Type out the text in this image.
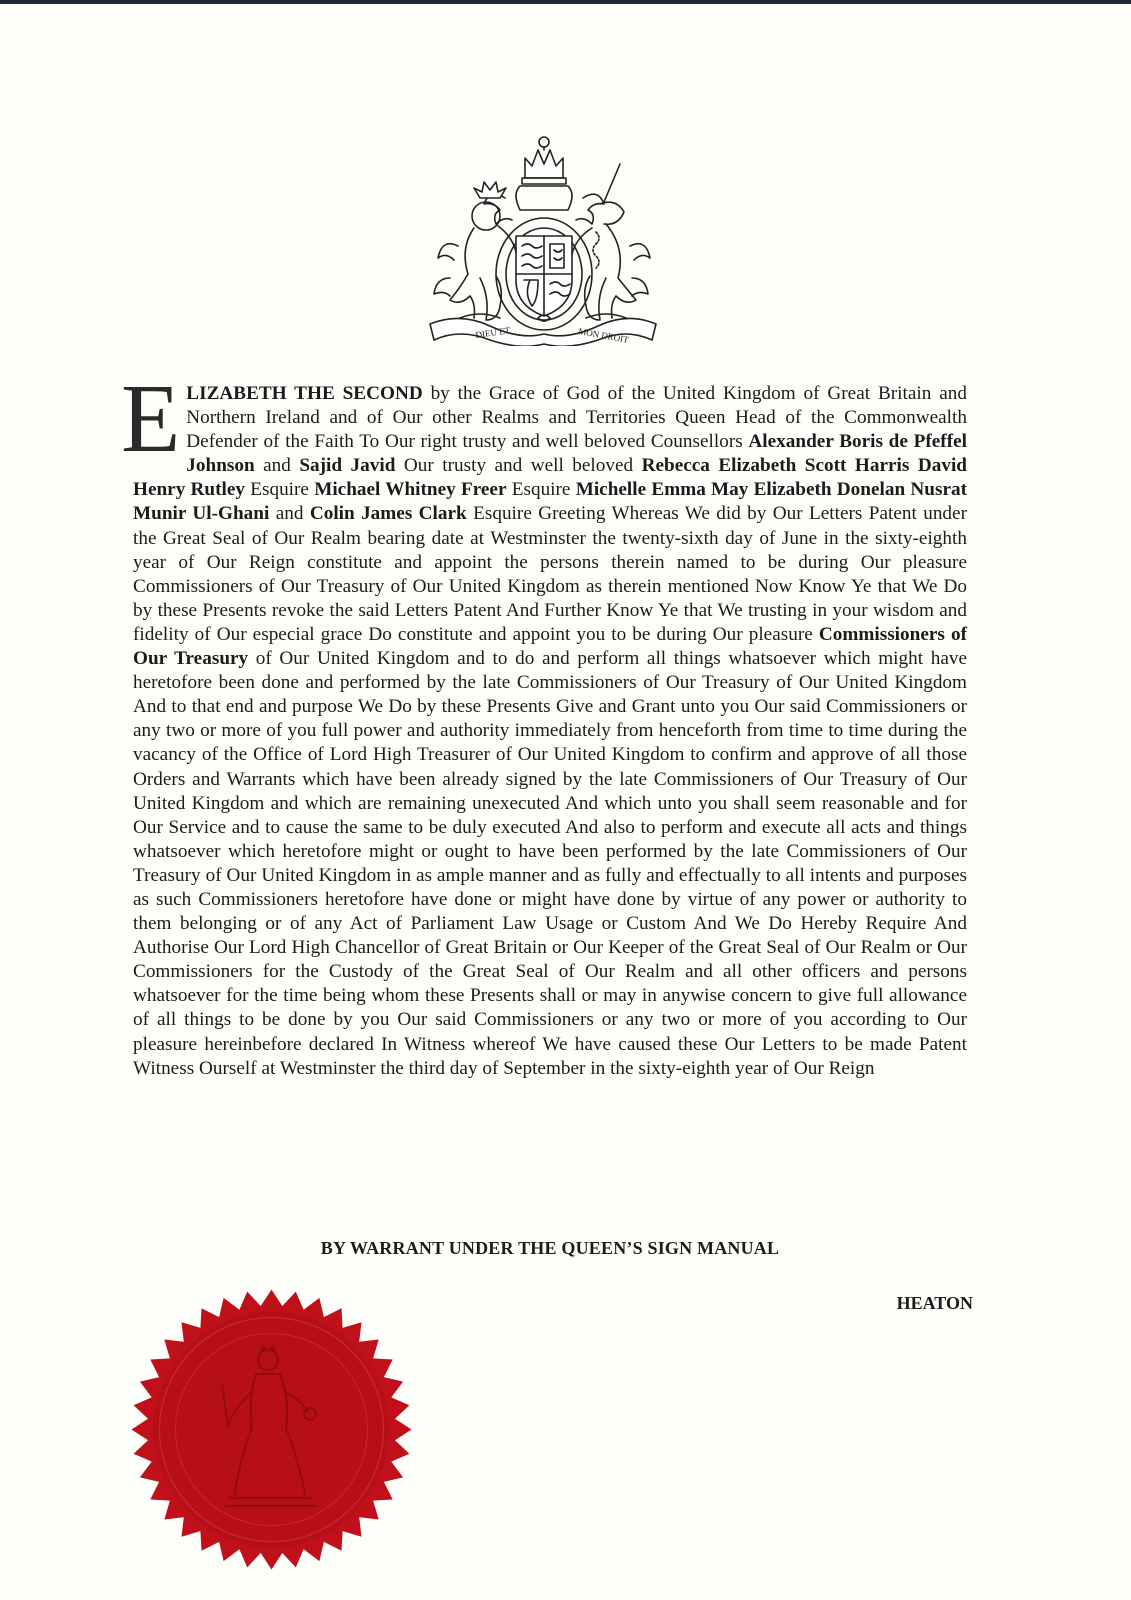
DIEU ET	MON DROIT
E LIZABETH THE SECOND by the Grace of God of the United Kingdom of Great Britain and Northern Ireland and of Our other Realms and Territories Queen Head of the Commonwealth Defender of the Faith To Our right trusty and well beloved Counsellors Alexander Boris de Pfeffel Johnson and Sajid Javid Our trusty and well beloved Rebecca Elizabeth Scott Harris David Henry Rutley Esquire Michael Whitney Freer Esquire Michelle Emma May Elizabeth Donelan Nusrat Munir Ul-Ghani and Colin James Clark Esquire Greeting Whereas We did by Our Letters Patent under the Great Seal of Our Realm bearing date at Westminster the twenty-sixth day of June in the sixty-eighth year of Our Reign constitute and appoint the persons therein named to be during Our pleasure Commissioners of Our Treasury of Our United Kingdom as therein mentioned Now Know Ye that We Do by these Presents revoke the said Letters Patent And Further Know Ye that We trusting in your wisdom and fidelity of Our especial grace Do constitute and appoint you to be during Our pleasure Commissioners of Our Treasury of Our United Kingdom and to do and perform all things whatsoever which might have heretofore been done and performed by the late Commissioners of Our Treasury of Our United Kingdom And to that end and purpose We Do by these Presents Give and Grant unto you Our said Commissioners or any two or more of you full power and authority immediately from henceforth from time to time during the vacancy of the Office of Lord High Treasurer of Our United Kingdom to confirm and approve of all those Orders and Warrants which have been already signed by the late Commissioners of Our Treasury of Our United Kingdom and which are remaining unexecuted And which unto you shall seem reasonable and for Our Service and to cause the same to be duly executed And also to perform and execute all acts and things whatsoever which heretofore might or ought to have been performed by the late Commissioners of Our Treasury of Our United Kingdom in as ample manner and as fully and effectually to all intents and purposes as such Commissioners heretofore have done or might have done by virtue of any power or authority to them belonging or of any Act of Parliament Law Usage or Custom And We Do Hereby Require And Authorise Our Lord High Chancellor of Great Britain or Our Keeper of the Great Seal of Our Realm or Our Commissioners for the Custody of the Great Seal of Our Realm and all other officers and persons whatsoever for the time being whom these Presents shall or may in anywise concern to give full allowance of all things to be done by you Our said Commissioners or any two or more of you according to Our pleasure hereinbefore declared In Witness whereof We have caused these Our Letters to be made Patent Witness Ourself at Westminster the third day of September in the sixty-eighth year of Our Reign
BY WARRANT UNDER THE QUEEN’S SIGN MANUAL
HEATON
